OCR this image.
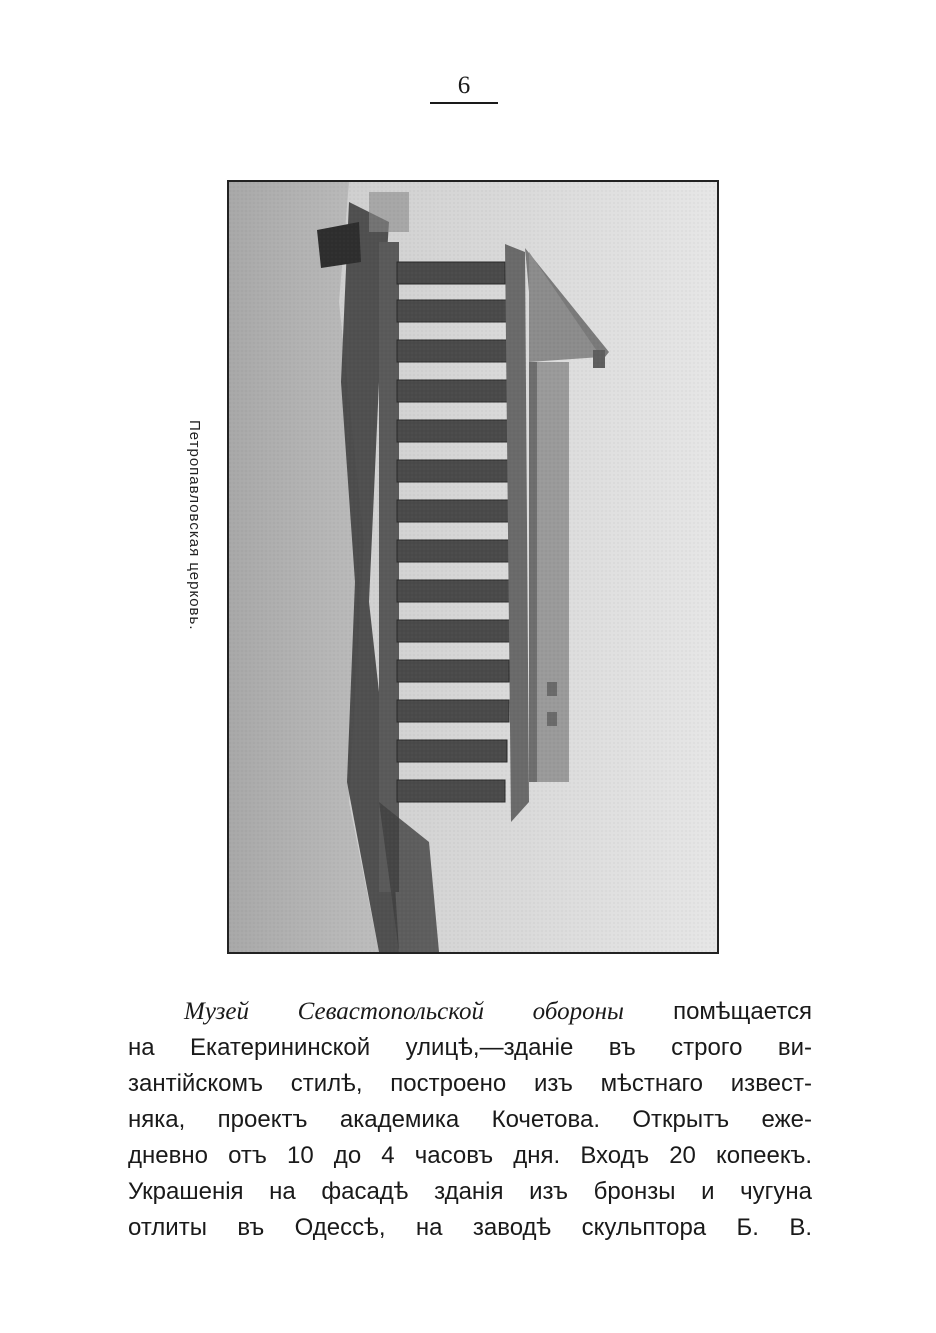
6
Петропавловская церковь.
Музей Севастопольской обороны помѣщается
на Екатерининской улицѣ,—зданіе въ строго ви-
зантійскомъ стилѣ, построено изъ мѣстнаго извест-
няка, проектъ академика Кочетова. Открытъ еже-
дневно отъ 10 до 4 часовъ дня. Входъ 20 копеекъ.
Украшенія на фасадѣ зданія изъ бронзы и чугуна
отлиты въ Одессѣ, на заводѣ скульптора Б. В.
